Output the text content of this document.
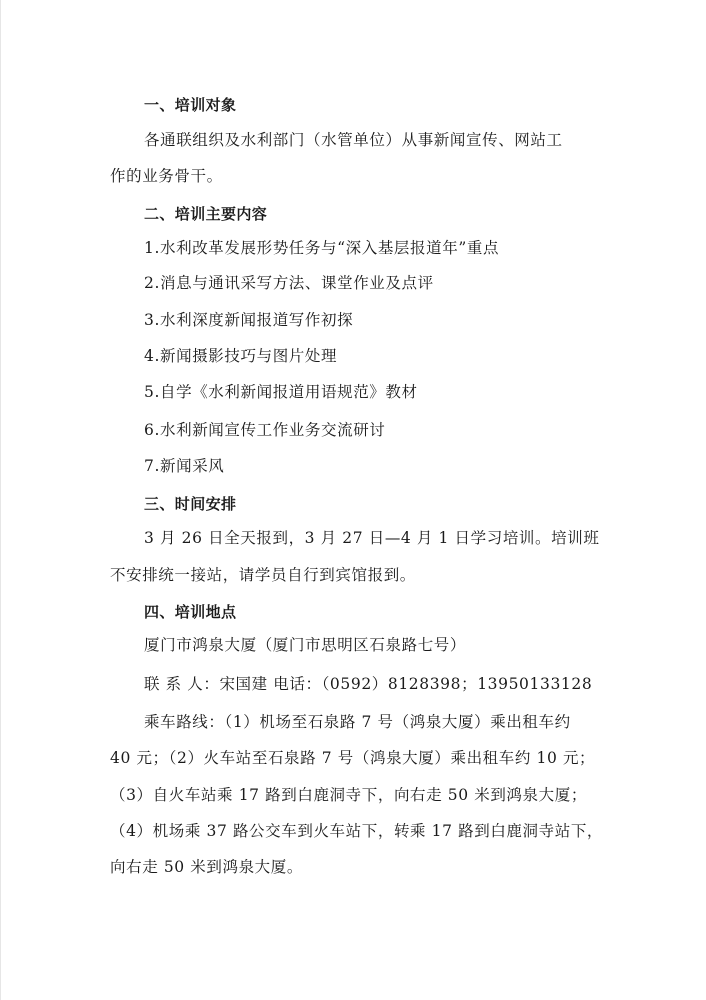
一、培训对象
各通联组织及水利部门（水管单位）从事新闻宣传、网站工
作的业务骨干。
二、培训主要内容
1.水利改革发展形势任务与“深入基层报道年”重点
2.消息与通讯采写方法、课堂作业及点评
3.水利深度新闻报道写作初探
4.新闻摄影技巧与图片处理
5.自学《水利新闻报道用语规范》教材
6.水利新闻宣传工作业务交流研讨
7.新闻采风
三、时间安排
3 月 26 日全天报到，3 月 27 日—4 月 1 日学习培训。培训班
不安排统一接站，请学员自行到宾馆报到。
四、培训地点
厦门市鸿泉大厦（厦门市思明区石泉路七号）
联 系 人：宋国建 电话：（0592）8128398；13950133128
乘车路线：（1）机场至石泉路 7 号（鸿泉大厦）乘出租车约
40 元；（2）火车站至石泉路 7 号（鸿泉大厦）乘出租车约 10 元；
（3）自火车站乘 17 路到白鹿洞寺下，向右走 50 米到鸿泉大厦；
（4）机场乘 37 路公交车到火车站下，转乘 17 路到白鹿洞寺站下，
向右走 50 米到鸿泉大厦。
